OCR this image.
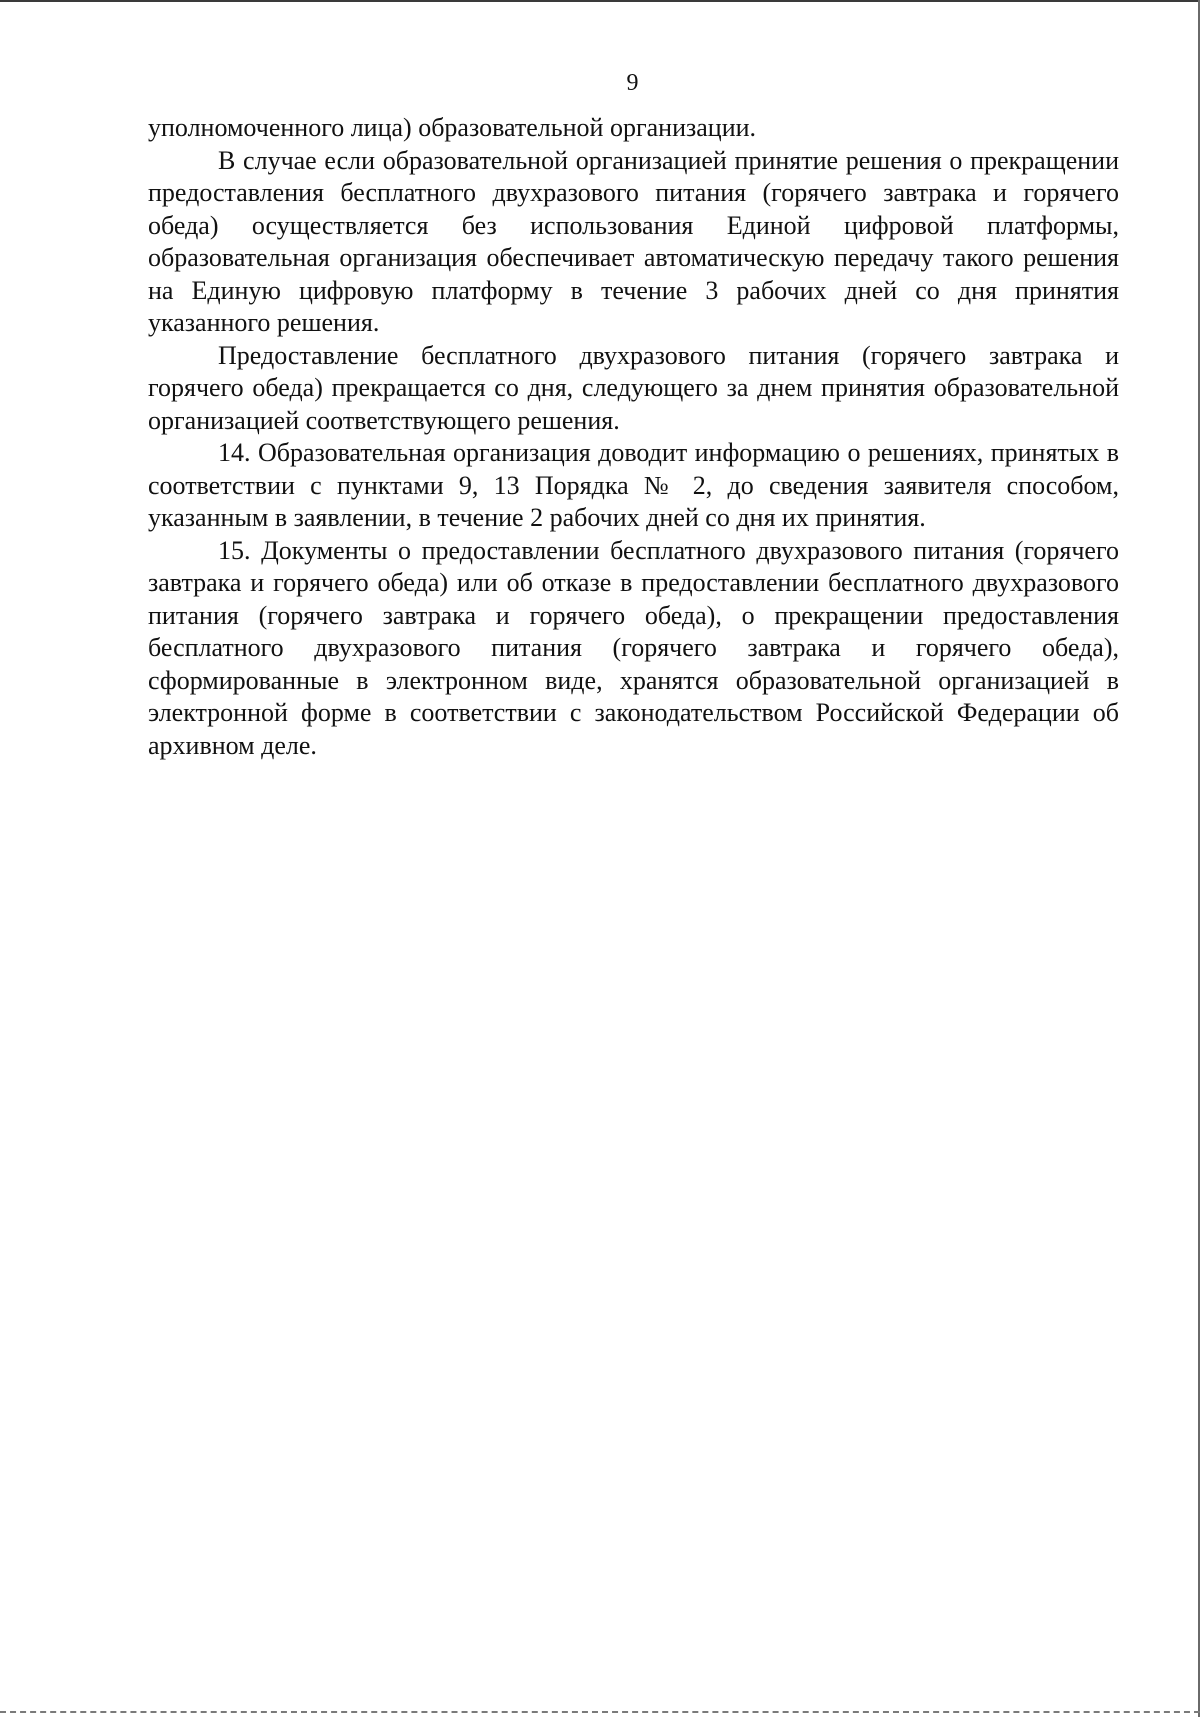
9

уполномоченного лица) образовательной организации.

В случае если образовательной организацией принятие решения о прекращении предоставления бесплатного двухразового питания (горячего завтрака и горячего обеда) осуществляется без использования Единой цифровой платформы, образовательная организация обеспечивает автоматическую передачу такого решения на Единую цифровую платформу в течение 3 рабочих дней со дня принятия указанного решения.

Предоставление бесплатного двухразового питания (горячего завтрака и горячего обеда) прекращается со дня, следующего за днем принятия образовательной организацией соответствующего решения.

14. Образовательная организация доводит информацию о решениях, принятых в соответствии с пунктами 9, 13 Порядка № 2, до сведения заявителя способом, указанным в заявлении, в течение 2 рабочих дней со дня их принятия.

15. Документы о предоставлении бесплатного двухразового питания (горячего завтрака и горячего обеда) или об отказе в предоставлении бесплатного двухразового питания (горячего завтрака и горячего обеда), о прекращении предоставления бесплатного двухразового питания (горячего завтрака и горячего обеда), сформированные в электронном виде, хранятся образовательной организацией в электронной форме в соответствии с законодательством Российской Федерации об архивном деле.
